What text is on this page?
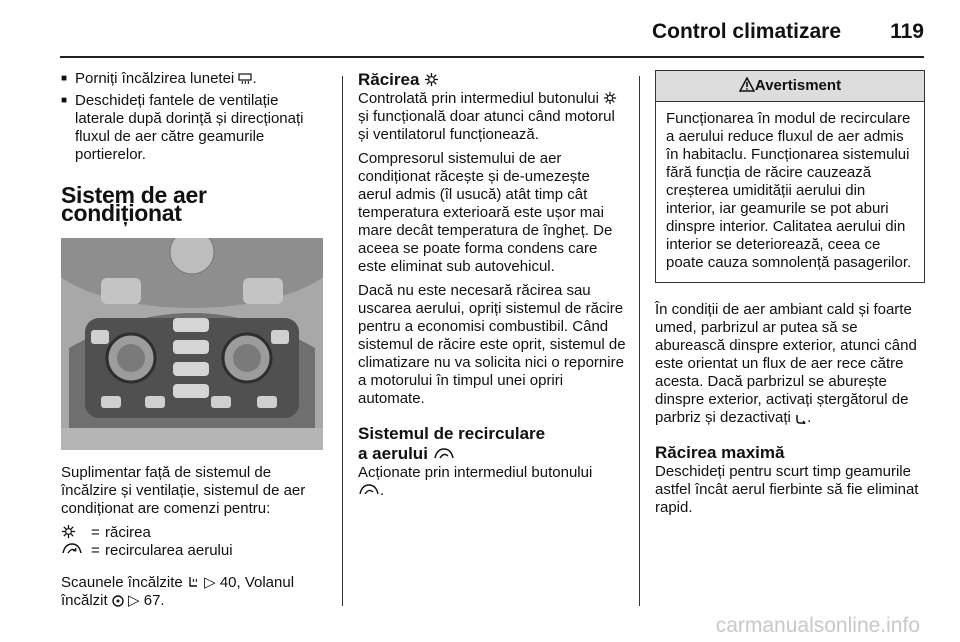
Control climatizare 119
■ Porniți încălzirea lunetei .
■ Deschideți fantele de ventilație laterale după dorință și direcționați fluxul de aer către geamurile portierelor.
Sistem de aer condiționat

Suplimentar față de sistemul de încălzire și ventilație, sistemul de aer condiționat are comenzi pentru:

= răcirea
= recircularea aerului

Scaunele încălzite ▷ 40, Volanul încălzit ▷ 67.

Răcirea

Controlată prin intermediul butonului  și funcțională doar atunci când motorul și ventilatorul funcționează.

Compresorul sistemului de aer condiționat răcește și de-umezește aerul admis (îl usucă) atât timp cât temperatura exterioară este ușor mai mare decât temperatura de îngheț. De aceea se poate forma condens care este eliminat sub autovehicul.

Dacă nu este necesară răcirea sau uscarea aerului, opriți sistemul de răcire pentru a economisi combustibil. Când sistemul de răcire este oprit, sistemul de climatizare nu va solicita nici o repornire a motorului în timpul unei opriri automate.

Sistemul de recirculare
a aerului

Acționate prin intermediul butonului
.

Avertisment
Funcționarea în modul de recirculare a aerului reduce fluxul de aer admis în habitaclu. Funcționarea sistemului fără funcția de răcire cauzează creșterea umidității aerului din interior, iar geamurile se pot aburi dinspre interior. Calitatea aerului din interior se deteriorează, ceea ce poate cauza somnolență pasagerilor.

În condiții de aer ambiant cald și foarte umed, parbrizul ar putea să se aburească dinspre exterior, atunci când este orientat un flux de aer rece către acesta. Dacă parbrizul se aburește dinspre exterior, activați ștergătorul de parbriz și dezactivați .

Răcirea maximă

Deschideți pentru scurt timp geamurile astfel încât aerul fierbinte să fie eliminat rapid.

carmanualsonline.info
